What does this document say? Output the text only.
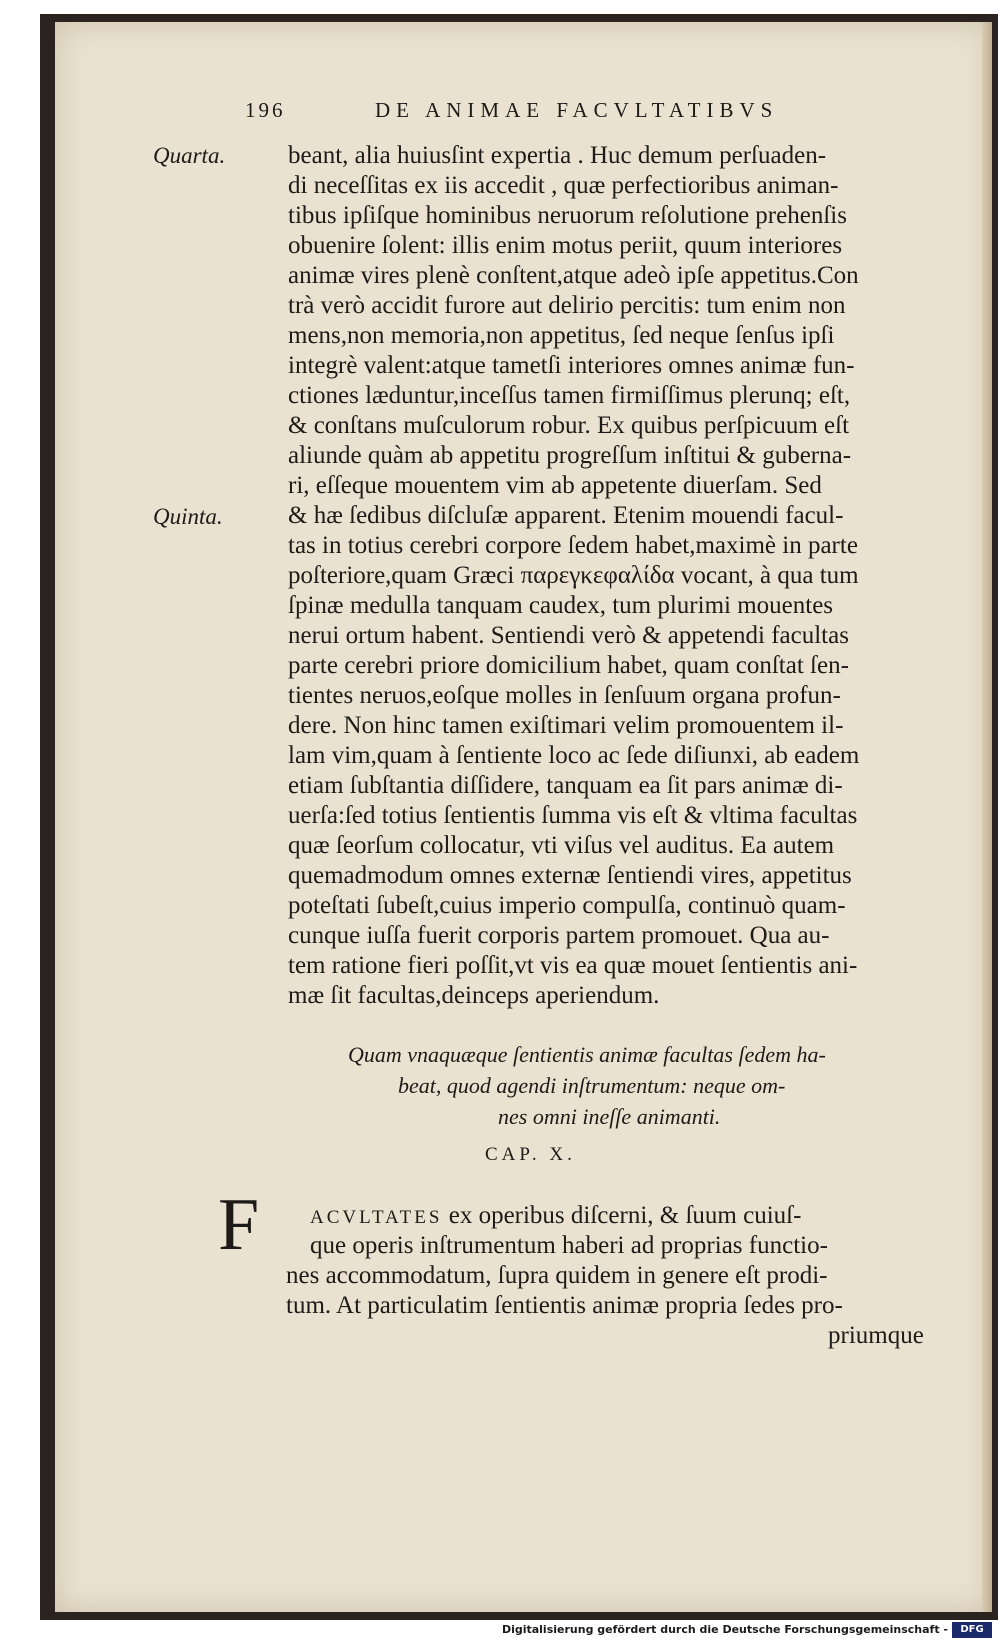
196	DE ANIMAE FACVLTATIBVS
Quarta.
Quinta.
beant, alia huiusſint expertia . Huc demum perſuaden-
di neceſſitas ex iis accedit , quæ perfectioribus animan-
tibus ipſiſque hominibus neruorum reſolutione prehenſis
obuenire ſolent: illis enim motus periit, quum interiores
animæ vires plenè conſtent,atque adeò ipſe appetitus.Con
trà verò accidit furore aut delirio percitis: tum enim non
mens,non memoria,non appetitus, ſed neque ſenſus ipſi
integrè valent:atque tametſi interiores omnes animæ fun-
ctiones læduntur,inceſſus tamen firmiſſimus plerunq; eſt,
& conſtans muſculorum robur. Ex quibus perſpicuum eſt
aliunde quàm ab appetitu progreſſum inſtitui & guberna-
ri, eſſeque mouentem vim ab appetente diuerſam. Sed
& hæ ſedibus diſcluſæ apparent. Etenim mouendi facul-
tas in totius cerebri corpore ſedem habet,maximè in parte
poſteriore,quam Græci παρεγκεφαλίδα vocant, à qua tum
ſpinæ medulla tanquam caudex, tum plurimi mouentes
nerui ortum habent. Sentiendi verò & appetendi facultas
parte cerebri priore domicilium habet, quam conſtat ſen-
tientes neruos,eoſque molles in ſenſuum organa profun-
dere. Non hinc tamen exiſtimari velim promouentem il-
lam vim,quam à ſentiente loco ac ſede diſiunxi, ab eadem
etiam ſubſtantia diſſidere, tanquam ea ſit pars animæ di-
uerſa:ſed totius ſentientis ſumma vis eſt & vltima facultas
quæ ſeorſum collocatur, vti viſus vel auditus. Ea autem
quemadmodum omnes externæ ſentiendi vires, appetitus
poteſtati ſubeſt,cuius imperio compulſa, continuò quam-
cunque iuſſa fuerit corporis partem promouet. Qua au-
tem ratione fieri poſſit,vt vis ea quæ mouet ſentientis ani-
mæ ſit facultas,deinceps aperiendum.
Quam vnaquæque ſentientis animæ facultas ſedem ha-
beat, quod agendi inſtrumentum: neque om-
nes omni ineſſe animanti.
CAP. X.
F	ACVLTATES ex operibus diſcerni, & ſuum cuiuſ-
que operis inſtrumentum haberi ad proprias functio-
nes accommodatum, ſupra quidem in genere eſt prodi-
tum. At particulatim ſentientis animæ propria ſedes pro-
priumque
Digitalisierung gefördert durch die Deutsche Forschungsgemeinschaft -	DFG
